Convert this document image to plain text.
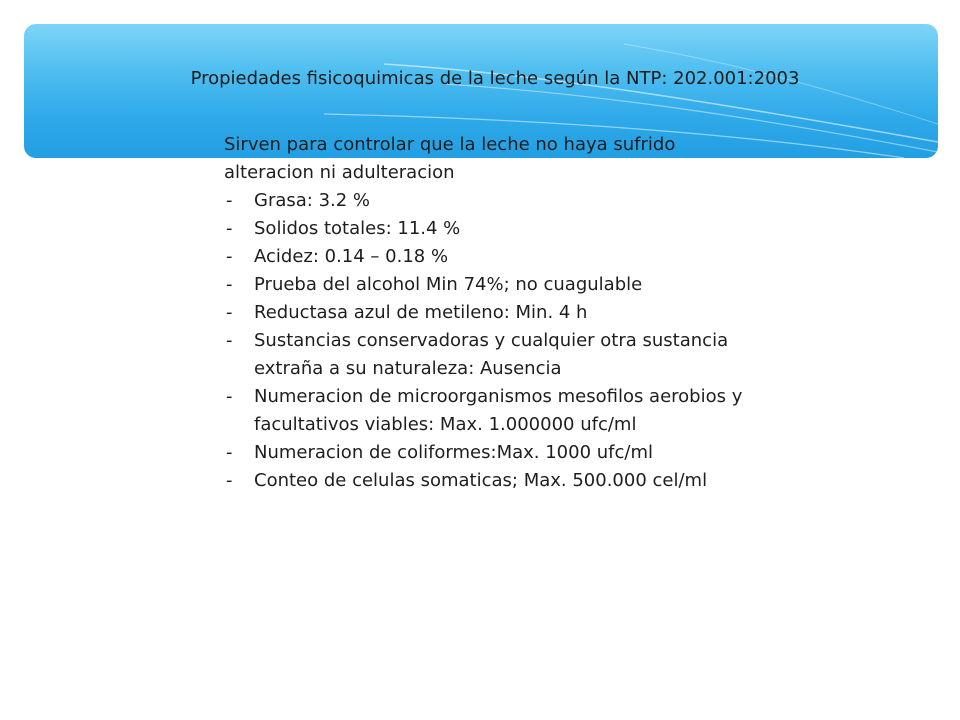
Propiedades fisicoquimicas de la leche según la NTP: 202.001:2003

Sirven para controlar que la leche no haya sufrido alteracion ni adulteracion

- Grasa: 3.2 %
- Solidos totales: 11.4 %
- Acidez: 0.14 – 0.18 %
- Prueba del alcohol Min 74%; no cuagulable
- Reductasa azul de metileno: Min. 4 h
- Sustancias conservadoras y cualquier otra sustancia extraña a su naturaleza: Ausencia
- Numeracion de microorganismos mesofilos aerobios y facultativos viables: Max. 1.000000 ufc/ml
- Numeracion de coliformes:Max. 1000 ufc/ml
- Conteo de celulas somaticas; Max. 500.000 cel/ml
